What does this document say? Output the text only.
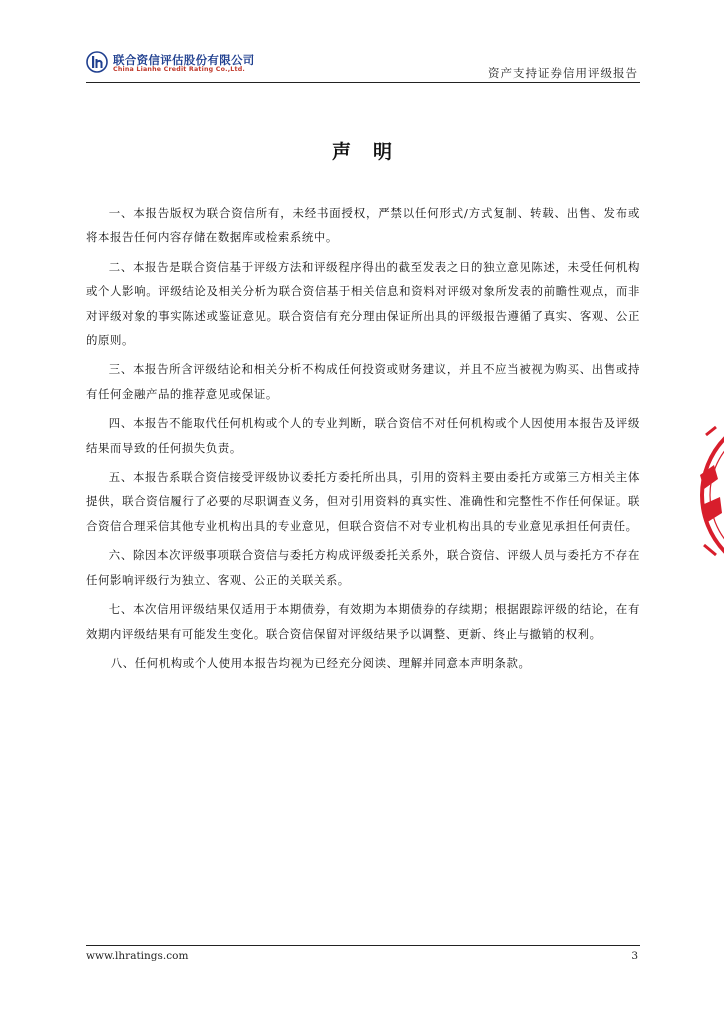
联合资信评估股份有限公司
China Lianhe Credit Rating Co.,Ltd.	资产支持证券信用评级报告
声明

一、本报告版权为联合资信所有，未经书面授权，严禁以任何形式/方式复制、转载、出售、发布或将本报告任何内容存储在数据库或检索系统中。

二、本报告是联合资信基于评级方法和评级程序得出的截至发表之日的独立意见陈述，未受任何机构或个人影响。评级结论及相关分析为联合资信基于相关信息和资料对评级对象所发表的前瞻性观点，而非对评级对象的事实陈述或鉴证意见。联合资信有充分理由保证所出具的评级报告遵循了真实、客观、公正的原则。

三、本报告所含评级结论和相关分析不构成任何投资或财务建议，并且不应当被视为购买、出售或持有任何金融产品的推荐意见或保证。

四、本报告不能取代任何机构或个人的专业判断，联合资信不对任何机构或个人因使用本报告及评级结果而导致的任何损失负责。

五、本报告系联合资信接受评级协议委托方委托所出具，引用的资料主要由委托方或第三方相关主体提供，联合资信履行了必要的尽职调查义务，但对引用资料的真实性、准确性和完整性不作任何保证。联合资信合理采信其他专业机构出具的专业意见，但联合资信不对专业机构出具的专业意见承担任何责任。

六、除因本次评级事项联合资信与委托方构成评级委托关系外，联合资信、评级人员与委托方不存在任何影响评级行为独立、客观、公正的关联关系。

七、本次信用评级结果仅适用于本期债券，有效期为本期债券的存续期；根据跟踪评级的结论，在有效期内评级结果有可能发生变化。联合资信保留对评级结果予以调整、更新、终止与撤销的权利。

八、任何机构或个人使用本报告均视为已经充分阅读、理解并同意本声明条款。

www.lhratings.com	3
